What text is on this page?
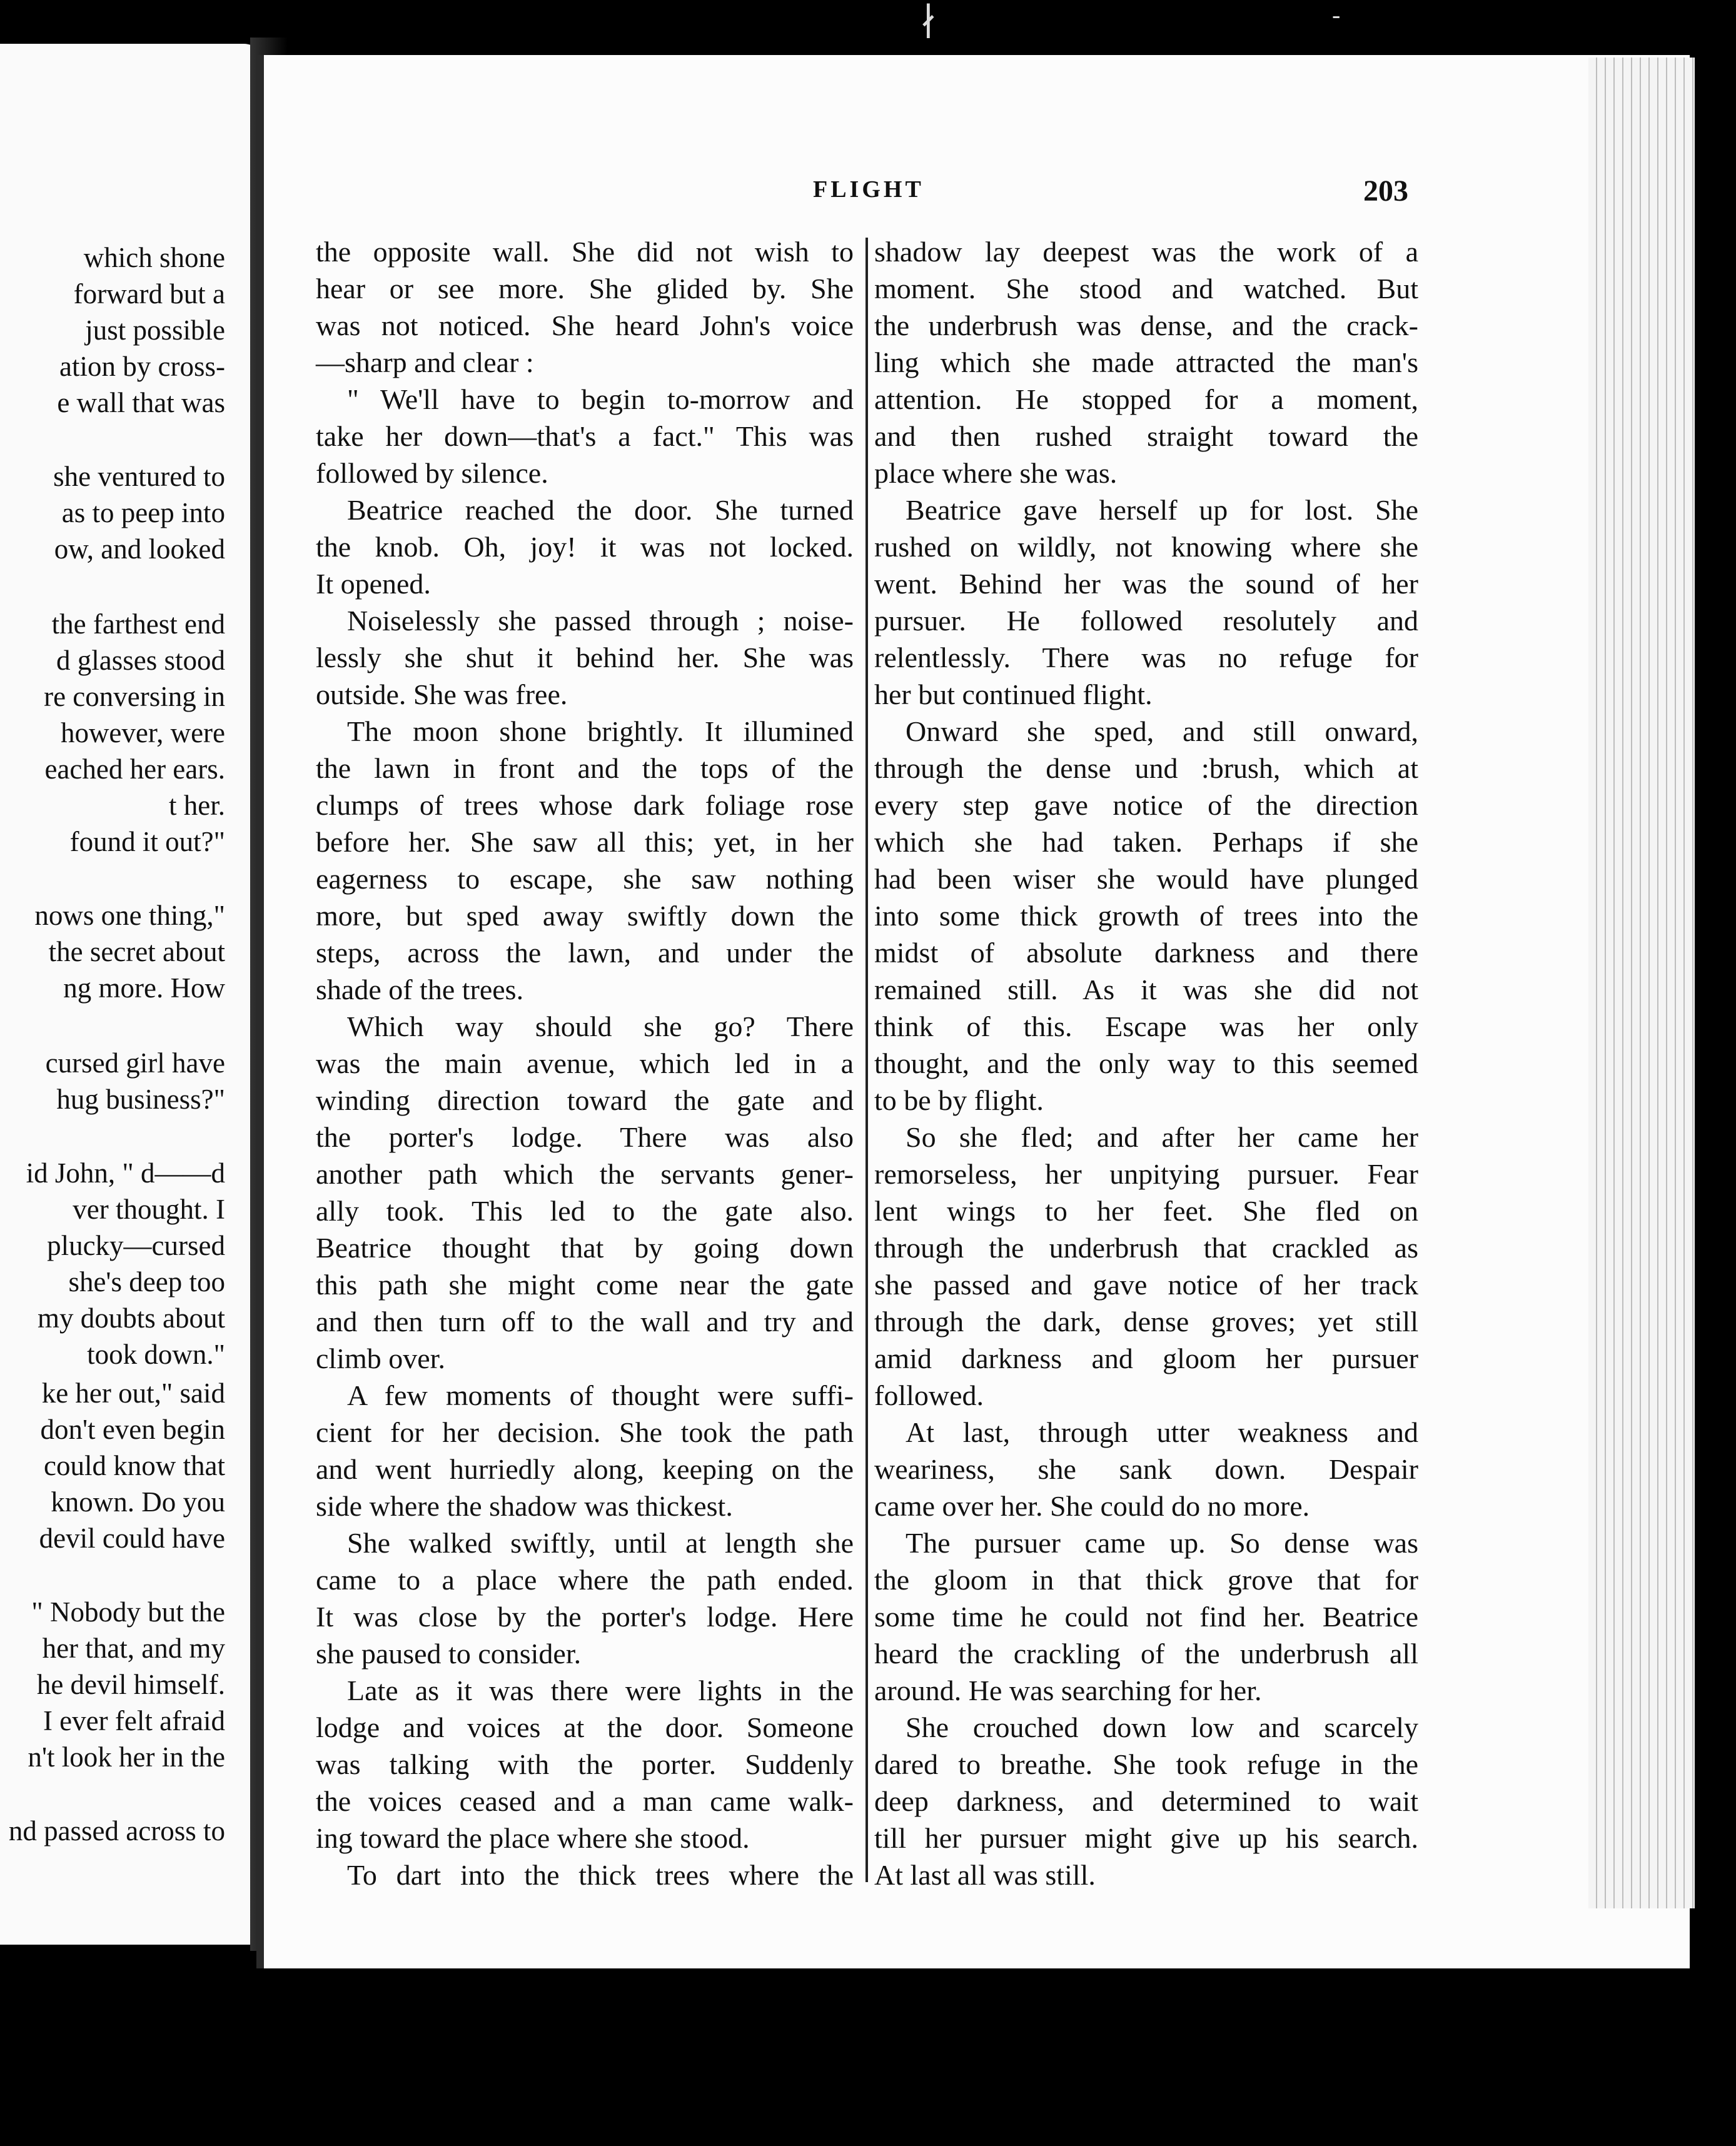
∤	-
which shone
forward but a
just possible
ation by cross-
e wall that was
she ventured to
as to peep into
ow, and looked
the farthest end
d glasses stood
re conversing in
however, were
eached her ears.
t her.
found it out?"
nows one thing,"
the secret about
ng more. How
cursed girl have
hug business?"
id John, " d——d
ver thought. I
plucky—cursed
she's deep too
my doubts about
took down."
ke her out," said
don't even begin
could know that
known. Do you
devil could have
" Nobody but the
her that, and my
he devil himself.
I ever felt afraid
n't look her in the
nd passed across to
FLIGHT	203
the opposite wall. She did not wish to
hear or see more. She glided by. She
was not noticed. She heard John's voice
—sharp and clear :
" We'll have to begin to-morrow and
take her down—that's a fact." This was
followed by silence.
Beatrice reached the door. She turned
the knob. Oh, joy! it was not locked.
It opened.
Noiselessly she passed through ; noise-
lessly she shut it behind her. She was
outside. She was free.
The moon shone brightly. It illumined
the lawn in front and the tops of the
clumps of trees whose dark foliage rose
before her. She saw all this; yet, in her
eagerness to escape, she saw nothing
more, but sped away swiftly down the
steps, across the lawn, and under the
shade of the trees.
Which way should she go? There
was the main avenue, which led in a
winding direction toward the gate and
the porter's lodge. There was also
another path which the servants gener-
ally took. This led to the gate also.
Beatrice thought that by going down
this path she might come near the gate
and then turn off to the wall and try and
climb over.
A few moments of thought were suffi-
cient for her decision. She took the path
and went hurriedly along, keeping on the
side where the shadow was thickest.
She walked swiftly, until at length she
came to a place where the path ended.
It was close by the porter's lodge. Here
she paused to consider.
Late as it was there were lights in the
lodge and voices at the door. Someone
was talking with the porter. Suddenly
the voices ceased and a man came walk-
ing toward the place where she stood.
To dart into the thick trees where the
shadow lay deepest was the work of a
moment. She stood and watched. But
the underbrush was dense, and the crack-
ling which she made attracted the man's
attention. He stopped for a moment,
and then rushed straight toward the
place where she was.
Beatrice gave herself up for lost. She
rushed on wildly, not knowing where she
went. Behind her was the sound of her
pursuer. He followed resolutely and
relentlessly. There was no refuge for
her but continued flight.
Onward she sped, and still onward,
through the dense und :brush, which at
every step gave notice of the direction
which she had taken. Perhaps if she
had been wiser she would have plunged
into some thick growth of trees into the
midst of absolute darkness and there
remained still. As it was she did not
think of this. Escape was her only
thought, and the only way to this seemed
to be by flight.
So she fled; and after her came her
remorseless, her unpitying pursuer. Fear
lent wings to her feet. She fled on
through the underbrush that crackled as
she passed and gave notice of her track
through the dark, dense groves; yet still
amid darkness and gloom her pursuer
followed.
At last, through utter weakness and
weariness, she sank down. Despair
came over her. She could do no more.
The pursuer came up. So dense was
the gloom in that thick grove that for
some time he could not find her. Beatrice
heard the crackling of the underbrush all
around. He was searching for her.
She crouched down low and scarcely
dared to breathe. She took refuge in the
deep darkness, and determined to wait
till her pursuer might give up his search.
At last all was still.
